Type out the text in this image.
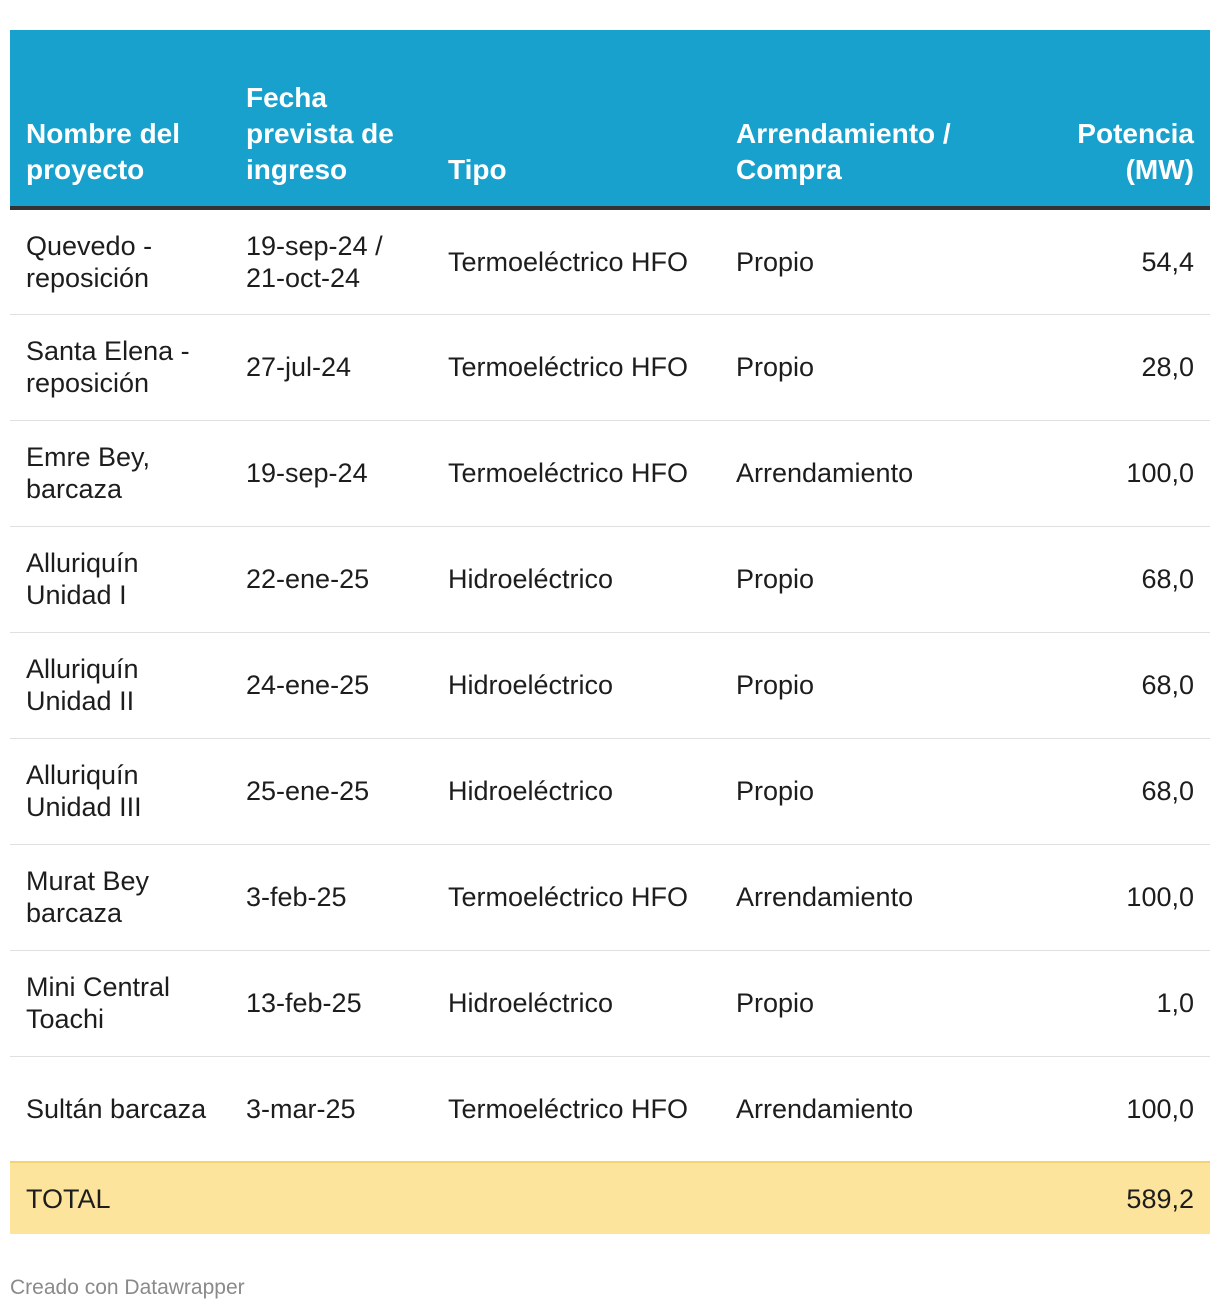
Nombre del proyecto	Fecha prevista de ingreso	Tipo	Arrendamiento / Compra	Potencia (MW)
Quevedo - reposición	19-sep-24 / 21-oct-24	Termoeléctrico HFO	Propio	54,4
Santa Elena - reposición	27-jul-24	Termoeléctrico HFO	Propio	28,0
Emre Bey, barcaza	19-sep-24	Termoeléctrico HFO	Arrendamiento	100,0
Alluriquín Unidad I	22-ene-25	Hidroeléctrico	Propio	68,0
Alluriquín Unidad II	24-ene-25	Hidroeléctrico	Propio	68,0
Alluriquín Unidad III	25-ene-25	Hidroeléctrico	Propio	68,0
Murat Bey barcaza	3-feb-25	Termoeléctrico HFO	Arrendamiento	100,0
Mini Central Toachi	13-feb-25	Hidroeléctrico	Propio	1,0
Sultán barcaza	3-mar-25	Termoeléctrico HFO	Arrendamiento	100,0
TOTAL				589,2
Creado con Datawrapper
